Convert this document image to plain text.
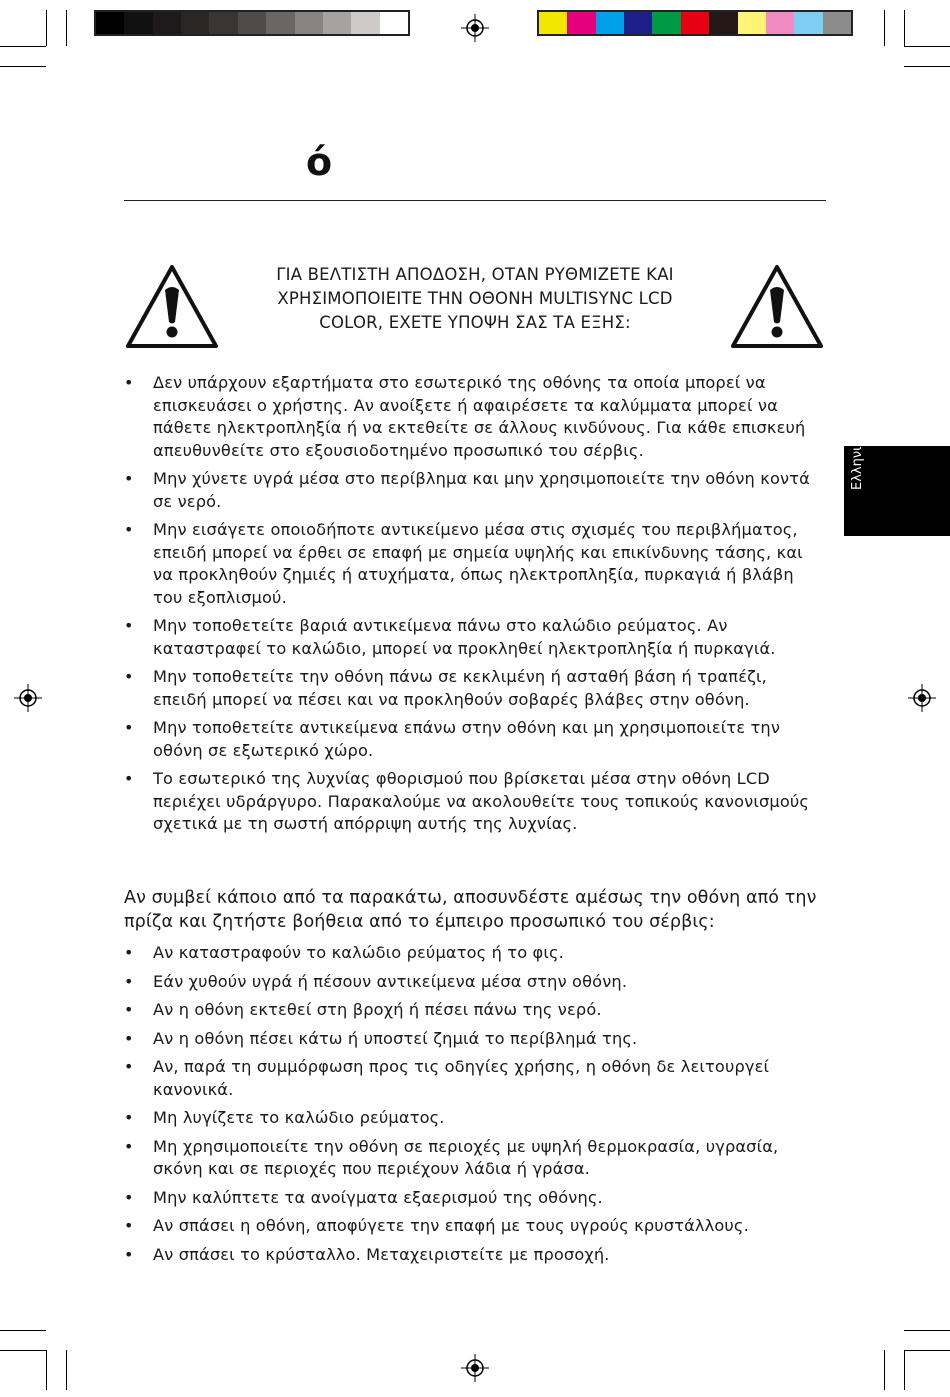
ό
ΓΙΑ ΒΕΛΤΙΣΤΗ ΑΠΟΔΟΣΗ, ΟΤΑΝ ΡΥΘΜΙΖΕΤΕ ΚΑΙ
ΧΡΗΣΙΜΟΠΟΙΕΙΤΕ ΤΗΝ ΟΘΟΝΗ MULTISYNC LCD
COLOR, ΕΧΕΤΕ ΥΠΟΨΗ ΣΑΣ ΤΑ ΕΞΗΣ:
• Δεν υπάρχουν εξαρτήματα στο εσωτερικό της οθόνης τα οποία μπορεί να επισκευάσει ο χρήστης. Αν ανοίξετε ή αφαιρέσετε τα καλύμματα μπορεί να πάθετε ηλεκτροπληξία ή να εκτεθείτε σε άλλους κινδύνους. Για κάθε επισκευή απευθυνθείτε στο εξουσιοδοτημένο προσωπικό του σέρβις.
• Μην χύνετε υγρά μέσα στο περίβλημα και μην χρησιμοποιείτε την οθόνη κοντά σε νερό.
• Μην εισάγετε οποιοδήποτε αντικείμενο μέσα στις σχισμές του περιβλήματος, επειδή μπορεί να έρθει σε επαφή με σημεία υψηλής και επικίνδυνης τάσης, και να προκληθούν ζημιές ή ατυχήματα, όπως ηλεκτροπληξία, πυρκαγιά ή βλάβη του εξοπλισμού.
• Μην τοποθετείτε βαριά αντικείμενα πάνω στο καλώδιο ρεύματος. Αν καταστραφεί το καλώδιο, μπορεί να προκληθεί ηλεκτροπληξία ή πυρκαγιά.
• Μην τοποθετείτε την οθόνη πάνω σε κεκλιμένη ή ασταθή βάση ή τραπέζι, επειδή μπορεί να πέσει και να προκληθούν σοβαρές βλάβες στην οθόνη.
• Μην τοποθετείτε αντικείμενα επάνω στην οθόνη και μη χρησιμοποιείτε την οθόνη σε εξωτερικό χώρο.
• Το εσωτερικό της λυχνίας φθορισμού που βρίσκεται μέσα στην οθόνη LCD περιέχει υδράργυρο. Παρακαλούμε να ακολουθείτε τους τοπικούς κανονισμούς σχετικά με τη σωστή απόρριψη αυτής της λυχνίας.
Αν συμβεί κάποιο από τα παρακάτω, αποσυνδέστε αμέσως την οθόνη από την πρίζα και ζητήστε βοήθεια από το έμπειρο προσωπικό του σέρβις:
• Αν καταστραφούν το καλώδιο ρεύματος ή το φις.
• Εάν χυθούν υγρά ή πέσουν αντικείμενα μέσα στην οθόνη.
• Αν η οθόνη εκτεθεί στη βροχή ή πέσει πάνω της νερό.
• Αν η οθόνη πέσει κάτω ή υποστεί ζημιά το περίβλημά της.
• Αν, παρά τη συμμόρφωση προς τις οδηγίες χρήσης, η οθόνη δε λειτουργεί κανονικά.
• Μη λυγίζετε το καλώδιο ρεύματος.
• Μη χρησιμοποιείτε την οθόνη σε περιοχές με υψηλή θερμοκρασία, υγρασία, σκόνη και σε περιοχές που περιέχουν λάδια ή γράσα.
• Μην καλύπτετε τα ανοίγματα εξαερισμού της οθόνης.
• Αν σπάσει η οθόνη, αποφύγετε την επαφή με τους υγρούς κρυστάλλους.
• Αν σπάσει το κρύσταλλο. Μεταχειριστείτε με προσοχή.
Ελληνικά
